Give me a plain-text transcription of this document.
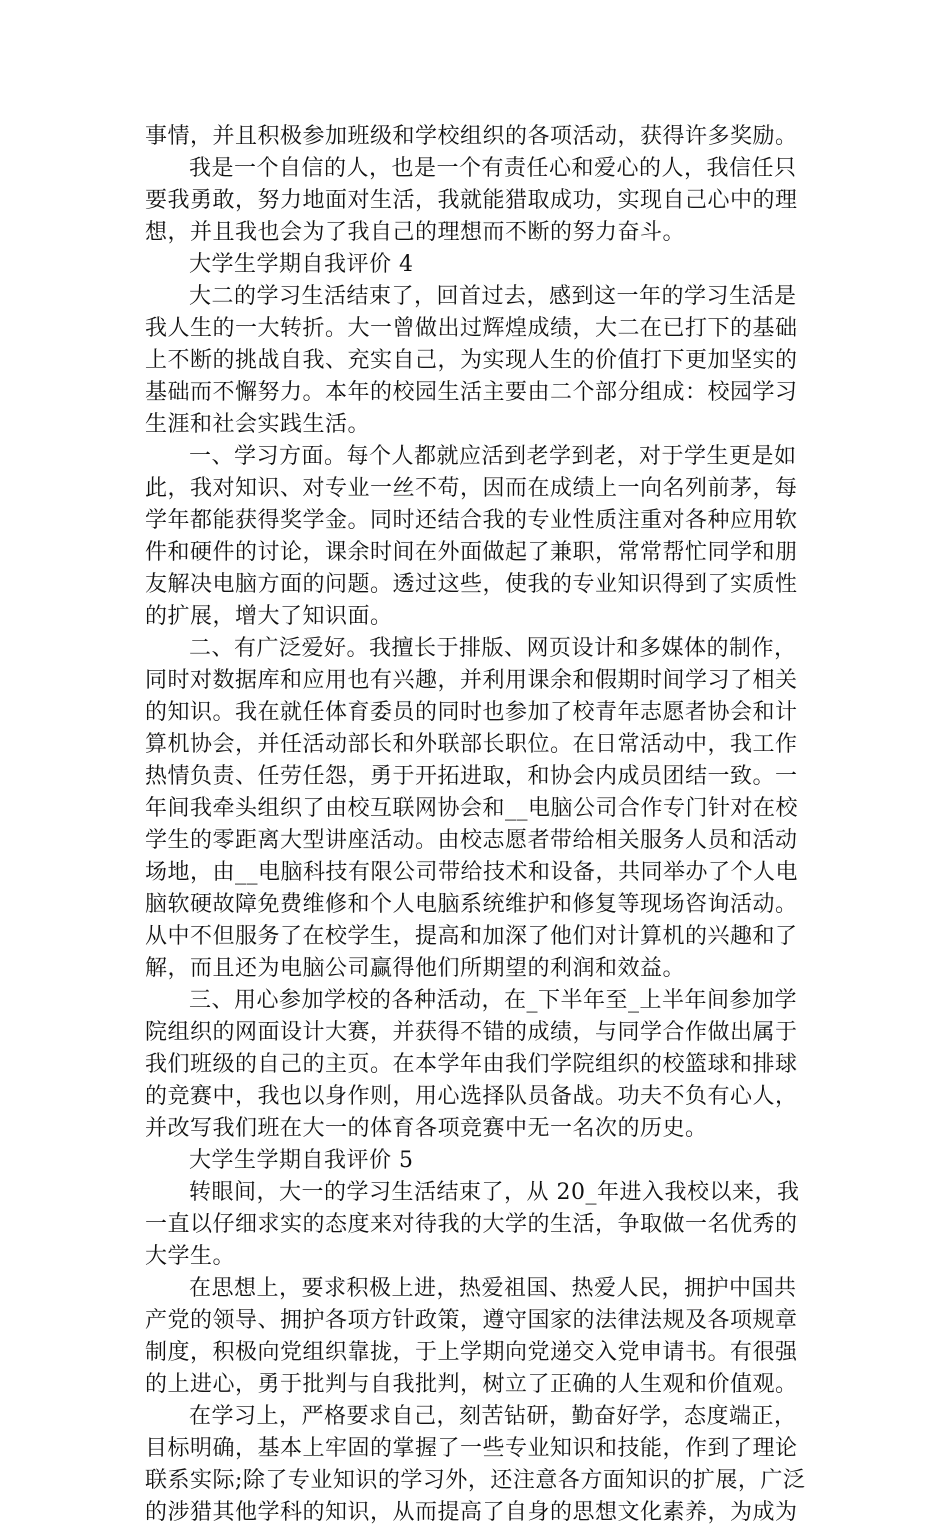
事情，并且积极参加班级和学校组织的各项活动，获得许多奖励。
我是一个自信的人，也是一个有责任心和爱心的人，我信任只
要我勇敢，努力地面对生活，我就能猎取成功，实现自己心中的理
想，并且我也会为了我自己的理想而不断的努力奋斗。
大学生学期自我评价 4
大二的学习生活结束了，回首过去，感到这一年的学习生活是
我人生的一大转折。大一曾做出过辉煌成绩，大二在已打下的基础
上不断的挑战自我、充实自己，为实现人生的价值打下更加坚实的
基础而不懈努力。本年的校园生活主要由二个部分组成：校园学习
生涯和社会实践生活。
一、学习方面。每个人都就应活到老学到老，对于学生更是如
此，我对知识、对专业一丝不苟，因而在成绩上一向名列前茅，每
学年都能获得奖学金。同时还结合我的专业性质注重对各种应用软
件和硬件的讨论，课余时间在外面做起了兼职，常常帮忙同学和朋
友解决电脑方面的问题。透过这些，使我的专业知识得到了实质性
的扩展，增大了知识面。
二、有广泛爱好。我擅长于排版、网页设计和多媒体的制作，
同时对数据库和应用也有兴趣，并利用课余和假期时间学习了相关
的知识。我在就任体育委员的同时也参加了校青年志愿者协会和计
算机协会，并任活动部长和外联部长职位。在日常活动中，我工作
热情负责、任劳任怨，勇于开拓进取，和协会内成员团结一致。一
年间我牵头组织了由校互联网协会和__电脑公司合作专门针对在校
学生的零距离大型讲座活动。由校志愿者带给相关服务人员和活动
场地，由__电脑科技有限公司带给技术和设备，共同举办了个人电
脑软硬故障免费维修和个人电脑系统维护和修复等现场咨询活动。
从中不但服务了在校学生，提高和加深了他们对计算机的兴趣和了
解，而且还为电脑公司赢得他们所期望的利润和效益。
三、用心参加学校的各种活动，在_下半年至_上半年间参加学
院组织的网面设计大赛，并获得不错的成绩，与同学合作做出属于
我们班级的自己的主页。在本学年由我们学院组织的校篮球和排球
的竞赛中，我也以身作则，用心选择队员备战。功夫不负有心人，
并改写我们班在大一的体育各项竞赛中无一名次的历史。
大学生学期自我评价 5
转眼间，大一的学习生活结束了，从 20_年进入我校以来，我
一直以仔细求实的态度来对待我的大学的生活，争取做一名优秀的
大学生。
在思想上，要求积极上进，热爱祖国、热爱人民，拥护中国共
产党的领导、拥护各项方针政策，遵守国家的法律法规及各项规章
制度，积极向党组织靠拢，于上学期向党递交入党申请书。有很强
的上进心，勇于批判与自我批判，树立了正确的人生观和价值观。
在学习上，严格要求自己，刻苦钻研，勤奋好学，态度端正，
目标明确，基本上牢固的掌握了一些专业知识和技能，作到了理论
联系实际;除了专业知识的学习外，还注意各方面知识的扩展，广泛
的涉猎其他学科的知识，从而提高了自身的思想文化素养，为成为
